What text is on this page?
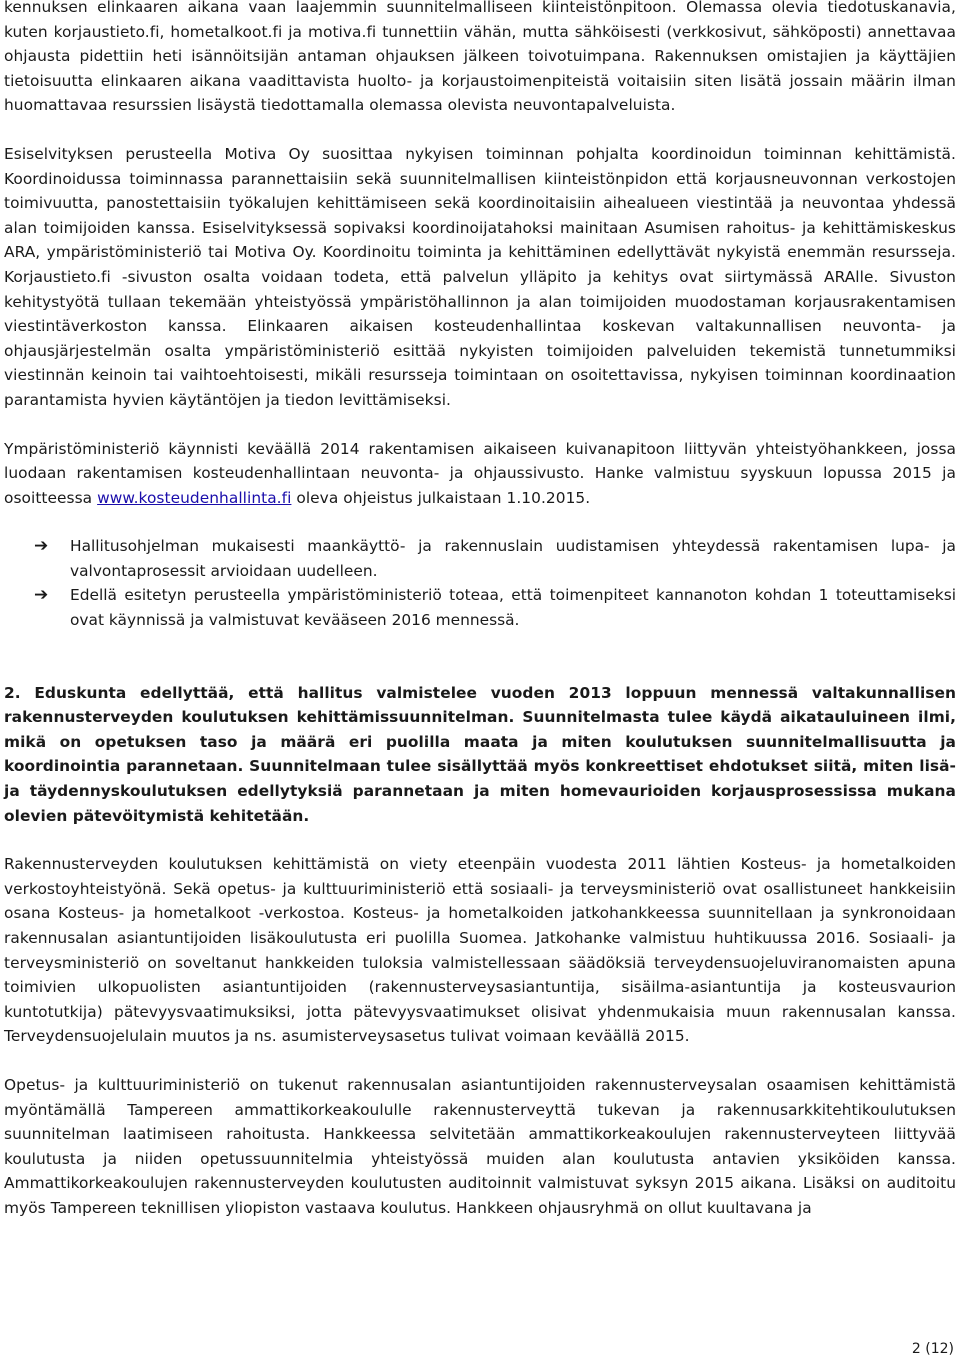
kennuksen elinkaaren aikana vaan laajemmin suunnitelmalliseen kiinteistönpitoon. Olemassa olevia tiedotuskanavia, kuten korjaustieto.fi, hometalkoot.fi ja motiva.fi tunnettiin vähän, mutta sähköisesti (verkkosivut, sähköposti) annettavaa ohjausta pidettiin heti isännöitsijän antaman ohjauksen jälkeen toivotuimpana. Rakennuksen omistajien ja käyttäjien tietoisuutta elinkaaren aikana vaadittavista huolto- ja korjaustoimenpiteistä voitaisiin siten lisätä jossain määrin ilman huomattavaa resurssien lisäystä tiedottamalla olemassa olevista neuvontapalveluista.

Esiselvityksen perusteella Motiva Oy suosittaa nykyisen toiminnan pohjalta koordinoidun toiminnan kehittämistä. Koordinoidussa toiminnassa parannettaisiin sekä suunnitelmallisen kiinteistönpidon että korjausneuvonnan verkostojen toimivuutta, panostettaisiin työkalujen kehittämiseen sekä koordinoitaisiin aihealueen viestintää ja neuvontaa yhdessä alan toimijoiden kanssa. Esiselvityksessä sopivaksi koordinoijatahoksi mainitaan Asumisen rahoitus- ja kehittämiskeskus ARA, ympäristöministeriö tai Motiva Oy. Koordinoitu toiminta ja kehittäminen edellyttävät nykyistä enemmän resursseja. Korjaustieto.fi -sivuston osalta voidaan todeta, että palvelun ylläpito ja kehitys ovat siirtymässä ARAlle. Sivuston kehitystyötä tullaan tekemään yhteistyössä ympäristöhallinnon ja alan toimijoiden muodostaman korjausrakentamisen viestintäverkoston kanssa. Elinkaaren aikaisen kosteudenhallintaa koskevan valtakunnallisen neuvonta- ja ohjausjärjestelmän osalta ympäristöministeriö esittää nykyisten toimijoiden palveluiden tekemistä tunnetummiksi viestinnän keinoin tai vaihtoehtoisesti, mikäli resursseja toimintaan on osoitettavissa, nykyisen toiminnan koordinaation parantamista hyvien käytäntöjen ja tiedon levittämiseksi.

Ympäristöministeriö käynnisti keväällä 2014 rakentamisen aikaiseen kuivanapitoon liittyvän yhteistyöhankkeen, jossa luodaan rakentamisen kosteudenhallintaan neuvonta- ja ohjaussivusto. Hanke valmistuu syyskuun lopussa 2015 ja osoitteessa www.kosteudenhallinta.fi oleva ohjeistus julkaistaan 1.10.2015.

➔ Hallitusohjelman mukaisesti maankäyttö- ja rakennuslain uudistamisen yhteydessä rakentamisen lupa- ja valvontaprosessit arvioidaan uudelleen.
➔ Edellä esitetyn perusteella ympäristöministeriö toteaa, että toimenpiteet kannanoton kohdan 1 toteuttamiseksi ovat käynnissä ja valmistuvat kevääseen 2016 mennessä.

2. Eduskunta edellyttää, että hallitus valmistelee vuoden 2013 loppuun mennessä valtakunnallisen rakennusterveyden koulutuksen kehittämissuunnitelman. Suunnitelmasta tulee käydä aikatauluineen ilmi, mikä on opetuksen taso ja määrä eri puolilla maata ja miten koulutuksen suunnitelmallisuutta ja koordinointia parannetaan. Suunnitelmaan tulee sisällyttää myös konkreettiset ehdotukset siitä, miten lisä- ja täydennyskoulutuksen edellytyksiä parannetaan ja miten homevaurioiden korjausprosessissa mukana olevien pätevöitymistä kehitetään.

Rakennusterveyden koulutuksen kehittämistä on viety eteenpäin vuodesta 2011 lähtien Kosteus- ja hometalkoiden verkostoyhteistyönä. Sekä opetus- ja kulttuuriministeriö että sosiaali- ja terveysministeriö ovat osallistuneet hankkeisiin osana Kosteus- ja hometalkoot -verkostoa. Kosteus- ja hometalkoiden jatkohankkeessa suunnitellaan ja synkronoidaan rakennusalan asiantuntijoiden lisäkoulutusta eri puolilla Suomea. Jatkohanke valmistuu huhtikuussa 2016. Sosiaali- ja terveysministeriö on soveltanut hankkeiden tuloksia valmistellessaan säädöksiä terveydensuojeluviranomaisten apuna toimivien ulkopuolisten asiantuntijoiden (rakennusterveysasiantuntija, sisäilma-asiantuntija ja kosteusvaurion kuntotutkija) pätevyysvaatimuksiksi, jotta pätevyysvaatimukset olisivat yhdenmukaisia muun rakennusalan kanssa. Terveydensuojelulain muutos ja ns. asumisterveysasetus tulivat voimaan keväällä 2015.

Opetus- ja kulttuuriministeriö on tukenut rakennusalan asiantuntijoiden rakennusterveysalan osaamisen kehittämistä myöntämällä Tampereen ammattikorkeakoululle rakennusterveyttä tukevan ja rakennusarkkitehtikoulutuksen suunnitelman laatimiseen rahoitusta. Hankkeessa selvitetään ammattikorkeakoulujen rakennusterveyteen liittyvää koulutusta ja niiden opetussuunnitelmia yhteistyössä muiden alan koulutusta antavien yksiköiden kanssa. Ammattikorkeakoulujen rakennusterveyden koulutusten auditoinnit valmistuvat syksyn 2015 aikana. Lisäksi on auditoitu myös Tampereen teknillisen yliopiston vastaava koulutus. Hankkeen ohjausryhmä on ollut kuultavana ja

2 (12)
